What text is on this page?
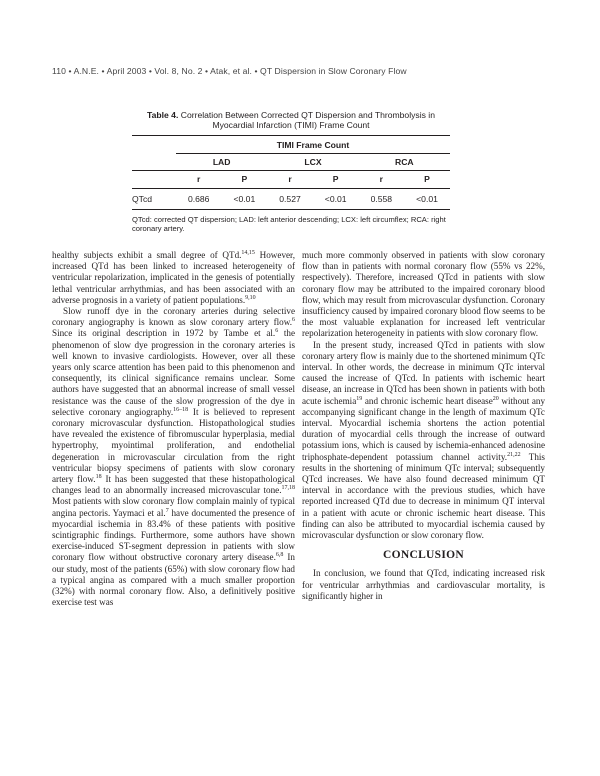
110 • A.N.E. • April 2003 • Vol. 8, No. 2 • Atak, et al. • QT Dispersion in Slow Coronary Flow
Table 4. Correlation Between Corrected QT Dispersion and Thrombolysis in Myocardial Infarction (TIMI) Frame Count
	TIMI Frame Count					
	LAD		LCX		RCA	
	r	P	r	P	r	P
QTcd	0.686	<0.01	0.527	<0.01	0.558	<0.01
QTcd: corrected QT dispersion; LAD: left anterior descending; LCX: left circumflex; RCA: right coronary artery.

healthy subjects exhibit a small degree of QTd.$^{14,15}$ However, increased QTd has been linked to increased heterogeneity of ventricular repolarization, implicated in the genesis of potentially lethal ventricular arrhythmias, and has been associated with an adverse prognosis in a variety of patient populations.$^{9,10}$

Slow runoff dye in the coronary arteries during selective coronary angiography is known as slow coronary artery flow.$^6$ Since its original description in 1972 by Tambe et al.$^6$ the phenomenon of slow dye progression in the coronary arteries is well known to invasive cardiologists. However, over all these years only scarce attention has been paid to this phenomenon and consequently, its clinical significance remains unclear. Some authors have suggested that an abnormal increase of small vessel resistance was the cause of the slow progression of the dye in selective coronary angiography.$^{16-18}$ It is believed to represent coronary microvascular dysfunction. Histopathological studies have revealed the existence of fibromuscular hyperplasia, medial hypertrophy, myointimal proliferation, and endothelial degeneration in microvascular circulation from the right ventricular biopsy specimens of patients with slow coronary artery flow.$^{18}$ It has been suggested that these histopathological changes lead to an abnormally increased microvascular tone.$^{17,18}$ Most patients with slow coronary flow complain mainly of typical angina pectoris. Yaymaci et al.$^7$ have documented the presence of myocardial ischemia in 83.4% of these patients with positive scintigraphic findings. Furthermore, some authors have shown exercise-induced ST-segment depression in patients with slow coronary flow without obstructive coronary artery disease.$^{6,8}$ In our study, most of the patients (65%) with slow coronary flow had a typical angina as compared with a much smaller proportion (32%) with normal coronary flow. Also, a definitively positive exercise test was

much more commonly observed in patients with slow coronary flow than in patients with normal coronary flow (55% vs 22%, respectively). Therefore, increased QTcd in patients with slow coronary flow may be attributed to the impaired coronary blood flow, which may result from microvascular dysfunction. Coronary insufficiency caused by impaired coronary blood flow seems to be the most valuable explanation for increased left ventricular repolarization heterogeneity in patients with slow coronary flow.

In the present study, increased QTcd in patients with slow coronary artery flow is mainly due to the shortened minimum QTc interval. In other words, the decrease in minimum QTc interval caused the increase of QTcd. In patients with ischemic heart disease, an increase in QTcd has been shown in patients with both acute ischemia$^{19}$ and chronic ischemic heart disease$^{20}$ without any accompanying significant change in the length of maximum QTc interval. Myocardial ischemia shortens the action potential duration of myocardial cells through the increase of outward potassium ions, which is caused by ischemia-enhanced adenosine triphosphate-dependent potassium channel activity.$^{21,22}$ This results in the shortening of minimum QTc interval; subsequently QTcd increases. We have also found decreased minimum QT interval in accordance with the previous studies, which have reported increased QTd due to decrease in minimum QT interval in a patient with acute or chronic ischemic heart disease. This finding can also be attributed to myocardial ischemia caused by microvascular dysfunction or slow coronary flow.

CONCLUSION

In conclusion, we found that QTcd, indicating increased risk for ventricular arrhythmias and cardiovascular mortality, is significantly higher in
